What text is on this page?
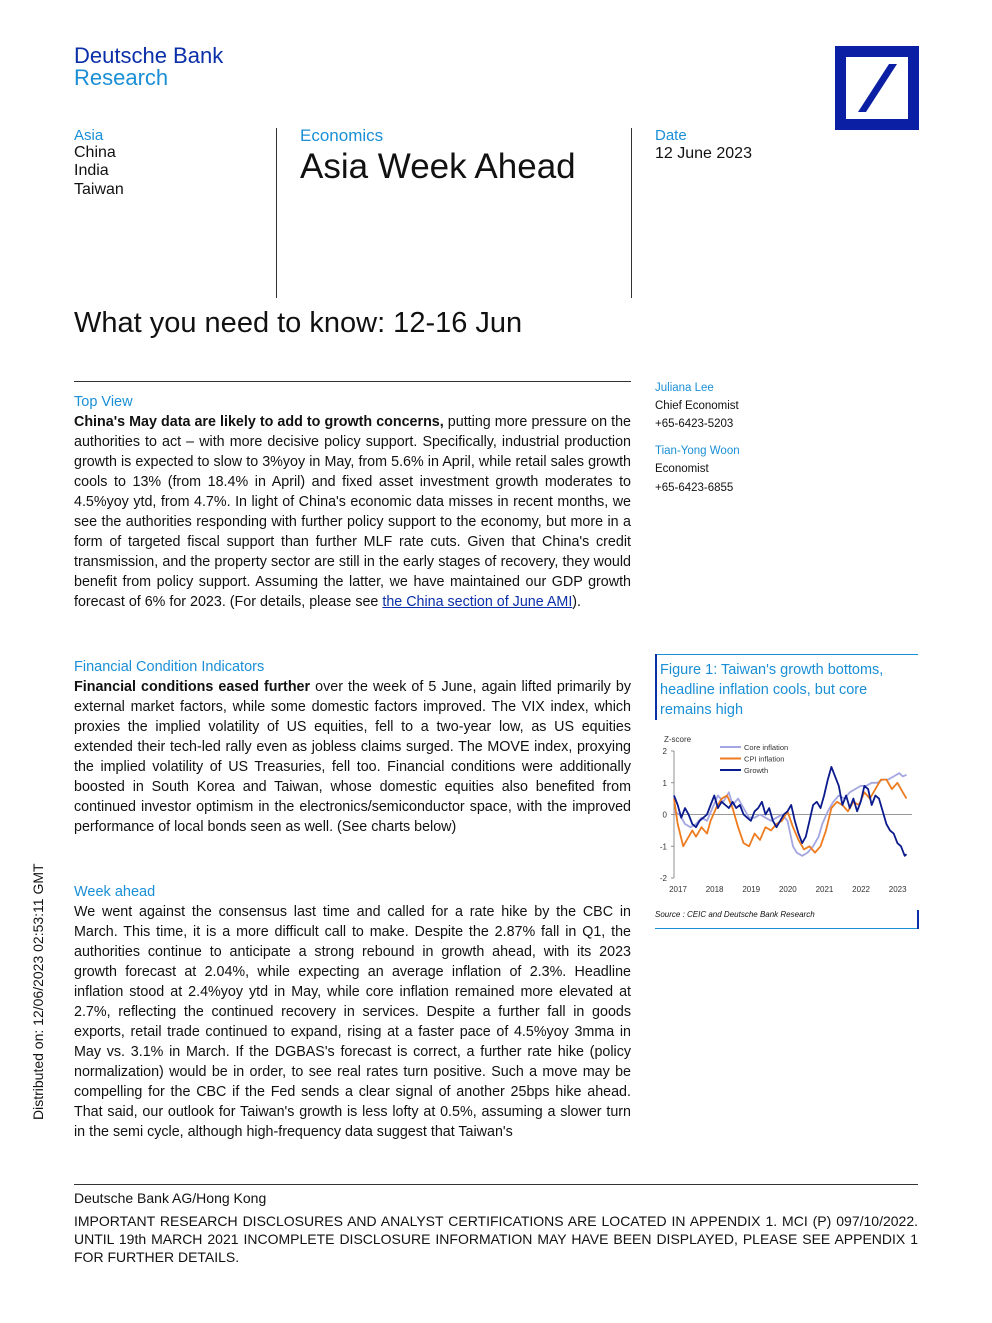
Deutsche Bank
Research
Asia
China
India
Taiwan
Economics
Asia Week Ahead
Date
12 June 2023
What you need to know: 12-16 Jun
Top View

China's May data are likely to add to growth concerns, putting more pressure on the authorities to act – with more decisive policy support. Specifically, industrial production growth is expected to slow to 3%yoy in May, from 5.6% in April, while retail sales growth cools to 13% (from 18.4% in April) and fixed asset investment growth moderates to 4.5%yoy ytd, from 4.7%. In light of China's economic data misses in recent months, we see the authorities responding with further policy support to the economy, but more in a form of targeted fiscal support than further MLF rate cuts. Given that China's credit transmission, and the property sector are still in the early stages of recovery, they would benefit from policy support. Assuming the latter, we have maintained our GDP growth forecast of 6% for 2023. (For details, please see the China section of June AMI).

Financial Condition Indicators

Financial conditions eased further over the week of 5 June, again lifted primarily by external market factors, while some domestic factors improved. The VIX index, which proxies the implied volatility of US equities, fell to a two-year low, as US equities extended their tech-led rally even as jobless claims surged. The MOVE index, proxying the implied volatility of US Treasuries, fell too. Financial conditions were additionally boosted in South Korea and Taiwan, whose domestic equities also benefited from continued investor optimism in the electronics/semiconductor space, with the improved performance of local bonds seen as well. (See charts below)

Week ahead

We went against the consensus last time and called for a rate hike by the CBC in March. This time, it is a more difficult call to make. Despite the 2.87% fall in Q1, the authorities continue to anticipate a strong rebound in growth ahead, with its 2023 growth forecast at 2.04%, while expecting an average inflation of 2.3%. Headline inflation stood at 2.4%yoy ytd in May, while core inflation remained more elevated at 2.7%, reflecting the continued recovery in services. Despite a further fall in goods exports, retail trade continued to expand, rising at a faster pace of 4.5%yoy 3mma in May vs. 3.1% in March. If the DGBAS's forecast is correct, a further rate hike (policy normalization) would be in order, to see real rates turn positive. Such a move may be compelling for the CBC if the Fed sends a clear signal of another 25bps hike ahead. That said, our outlook for Taiwan's growth is less lofty at 0.5%, assuming a slower turn in the semi cycle, although high-frequency data suggest that Taiwan's

Juliana Lee
Chief Economist
+65-6423-5203
Tian-Yong Woon
Economist
+65-6423-6855
Figure 1: Taiwan's growth bottoms, headline inflation cools, but core remains high
Z-score
2
1
0
-1
-2
2017 2018 2019 2020 2021 2022 2023
Core inflation
CPI inflation
Growth
Source : CEIC and Deutsche Bank Research
Deutsche Bank AG/Hong Kong
IMPORTANT RESEARCH DISCLOSURES AND ANALYST CERTIFICATIONS ARE LOCATED IN APPENDIX 1. MCI (P) 097/10/2022. UNTIL 19th MARCH 2021 INCOMPLETE DISCLOSURE INFORMATION MAY HAVE BEEN DISPLAYED, PLEASE SEE APPENDIX 1 FOR FURTHER DETAILS.
Distributed on: 12/06/2023 02:53:11 GMT
